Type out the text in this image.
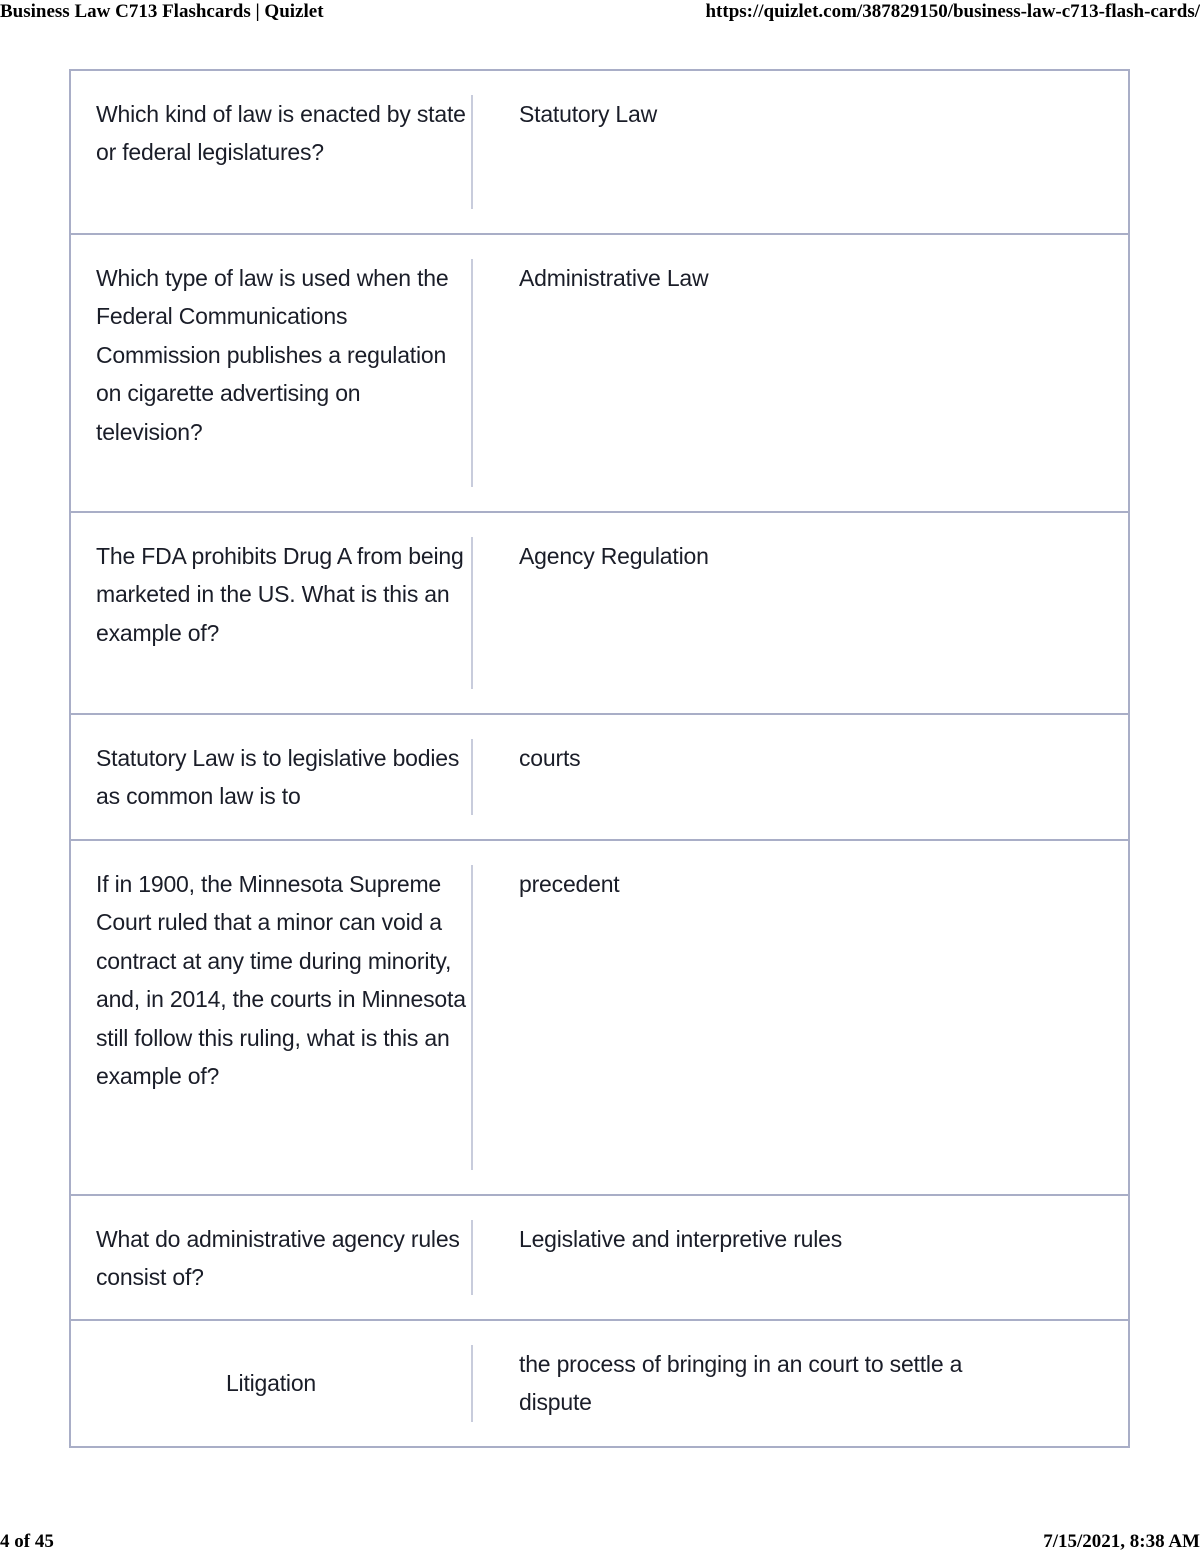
Business Law C713 Flashcards | Quizlet	https://quizlet.com/387829150/business-law-c713-flash-cards/
Which kind of law is enacted by state or federal legislatures?
Statutory Law
Which type of law is used when the Federal Communications Commission publishes a regulation on cigarette advertising on television?
Administrative Law
The FDA prohibits Drug A from being marketed in the US. What is this an example of?
Agency Regulation
Statutory Law is to legislative bodies as common law is to
courts
If in 1900, the Minnesota Supreme Court ruled that a minor can void a contract at any time during minority, and, in 2014, the courts in Minnesota still follow this ruling, what is this an example of?
precedent
What do administrative agency rules consist of?
Legislative and interpretive rules
Litigation
the process of bringing in an court to settle a dispute
4 of 45	7/15/2021, 8:38 AM
